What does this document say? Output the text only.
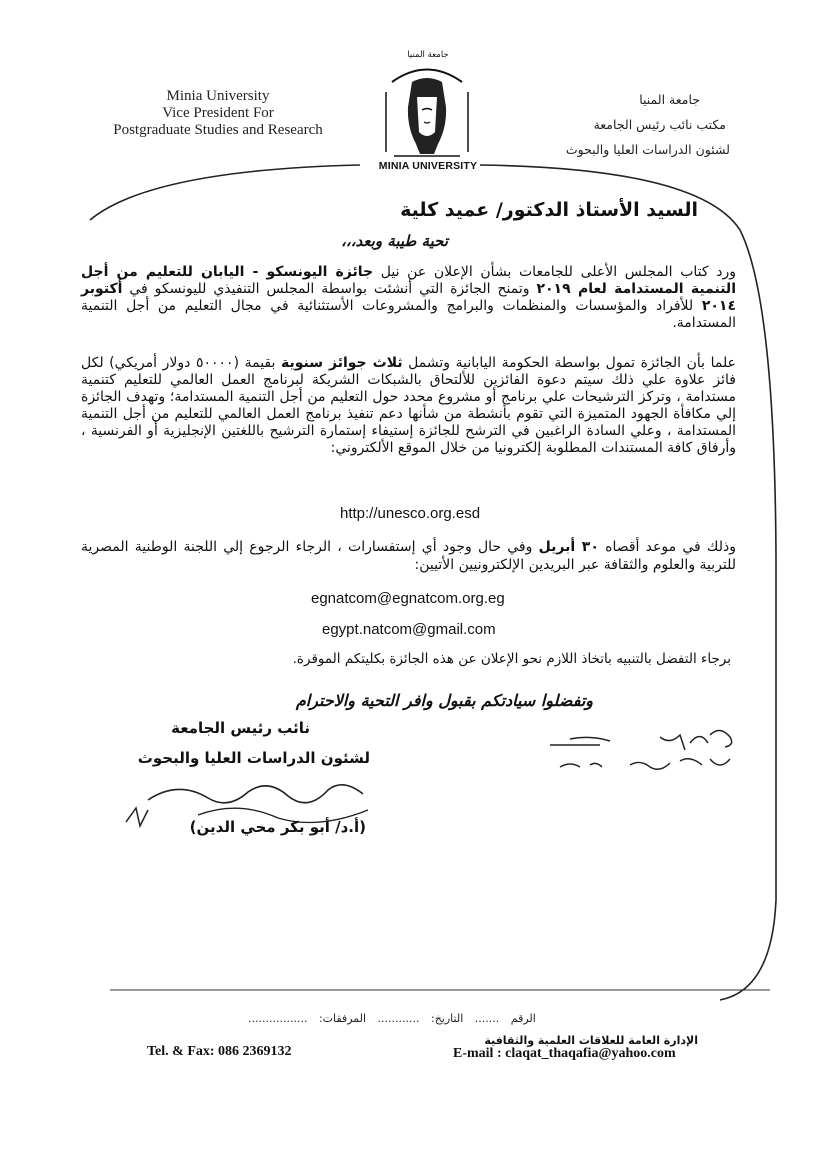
Minia University
Vice President For
Postgraduate Studies and Research
جامعة المنيا
مكتب نائب رئيس الجامعة
لشئون الدراسات العليا والبحوث
جامعة المنيا
MINIA UNIVERSITY
السيد الأستاذ الدكتور/ عميد كلية
تحية طيبة وبعد،،،
ورد كتاب المجلس الأعلى للجامعات بشأن الإعلان عن نيل جائزة اليونسكو - اليابان للتعليم من أجل التنمية المستدامة لعام ٢٠١٩ وتمنح الجائزة التي أنشئت بواسطة المجلس التنفيذي لليونسكو في أكتوبر ٢٠١٤ للأفراد والمؤسسات والمنظمات والبرامج والمشروعات الأستثنائية في مجال التعليم من أجل التنمية المستدامة.
علما بأن الجائزة تمول بواسطة الحكومة اليابانية وتشمل ثلاث جوائز سنوية بقيمة (٥٠٠٠٠ دولار أمريكي) لكل فائز علاوة علي ذلك سيتم دعوة الفائزين للألتحاق بالشبكات الشريكة لبرنامج العمل العالمي للتعليم كتنمية مستدامة ، وتركز الترشيحات علي برنامج أو مشروع محدد حول التعليم من أجل التنمية المستدامة؛ وتهدف الجائزة إلي مكافأة الجهود المتميزة التي تقوم بأنشطة من شأنها دعم تنفيذ برنامج العمل العالمي للتعليم من أجل التنمية المستدامة ، وعلي السادة الراغبين في الترشح للجائزة إستيفاء إستمارة الترشيح باللغتين الإنجليزية أو الفرنسية ، وأرفاق كافة المستندات المطلوبة إلكترونيا من خلال الموقع الألكتروني:
http://unesco.org.esd
وذلك في موعد أقصاه ٣٠ أبريل وفي حال وجود أي إستفسارات ، الرجاء الرجوع إلي اللجنة الوطنية المصرية للتربية والعلوم والثقافة عبر البريدين الإلكترونيين الأتيين:
egnatcom@egnatcom.org.eg
egypt.natcom@gmail.com
برجاء التفضل بالتنبيه باتخاذ اللازم نحو الإعلان عن هذه الجائزة بكليتكم الموقرة.
وتفضلوا سيادتكم بقبول وافر التحية والاحترام
نائب رئيس الجامعة
لشئون الدراسات العليا والبحوث
(أ.د/ أبو بكر محي الدين)
الرقم ....... التاريخ: ............ المرفقات: .................
الإدارة العامة للعلاقات العلمية والثقافية
E-mail : claqat_thaqafia@yahoo.com
Tel. & Fax: 086 2369132
